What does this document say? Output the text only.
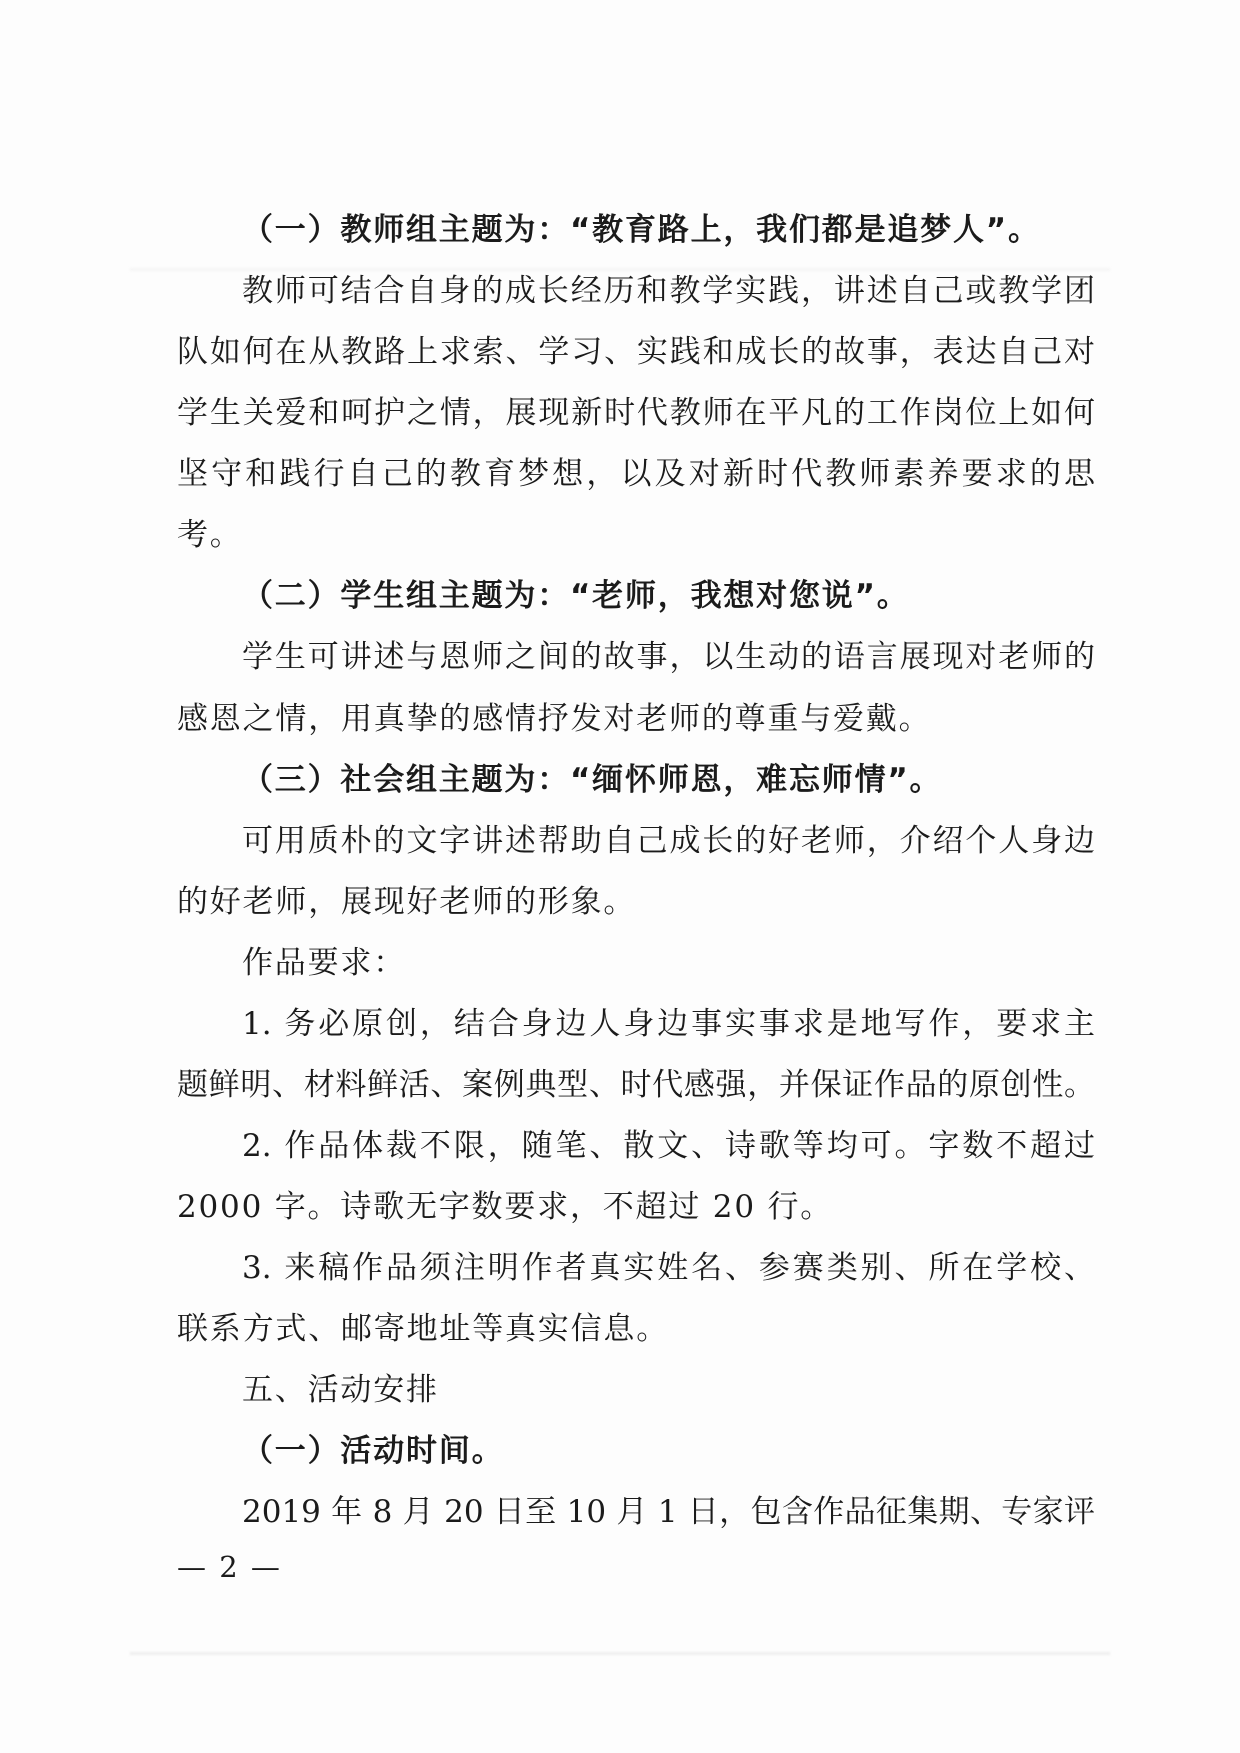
（一）教师组主题为：“教育路上，我们都是追梦人”。
教师可结合自身的成长经历和教学实践，讲述自己或教学团
队如何在从教路上求索、学习、实践和成长的故事，表达自己对
学生关爱和呵护之情，展现新时代教师在平凡的工作岗位上如何
坚守和践行自己的教育梦想，以及对新时代教师素养要求的思
考。
（二）学生组主题为：“老师，我想对您说”。
学生可讲述与恩师之间的故事，以生动的语言展现对老师的
感恩之情，用真挚的感情抒发对老师的尊重与爱戴。
（三）社会组主题为：“缅怀师恩，难忘师情”。
可用质朴的文字讲述帮助自己成长的好老师，介绍个人身边
的好老师，展现好老师的形象。
作品要求：
1. 务必原创，结合身边人身边事实事求是地写作，要求主
题鲜明、材料鲜活、案例典型、时代感强，并保证作品的原创性。
2. 作品体裁不限，随笔、散文、诗歌等均可。字数不超过
2000 字。诗歌无字数要求，不超过 20 行。
3. 来稿作品须注明作者真实姓名、参赛类别、所在学校、
联系方式、邮寄地址等真实信息。
五、活动安排
（一）活动时间。
2019 年 8 月 20 日至 10 月 1 日，包含作品征集期、专家评
— 2 —
